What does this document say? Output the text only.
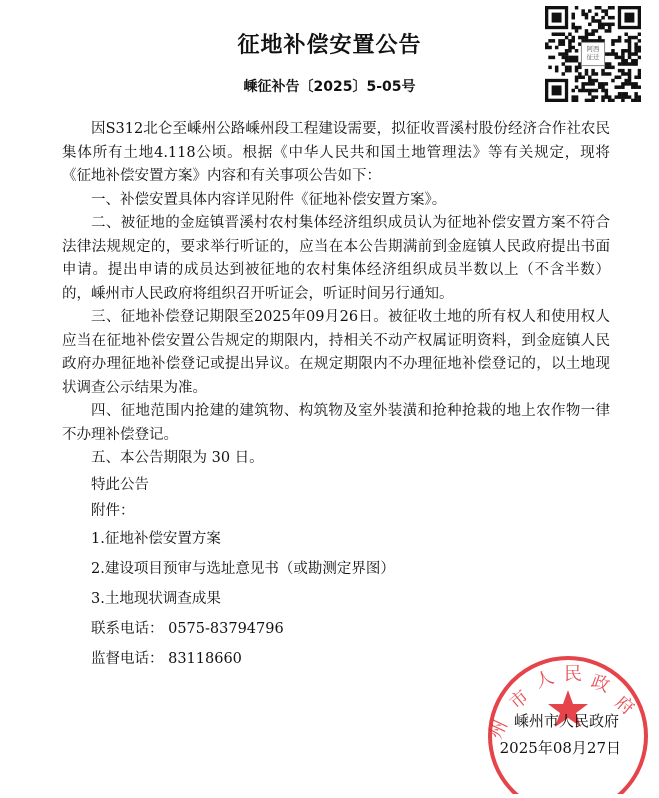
征地补偿安置公告
嵊征补告〔2025〕5-05号
阿西
征迁

因S312北仑至嵊州公路嵊州段工程建设需要，拟征收晋溪村股份经济合作社农民集体所有土地4.118公顷。根据《中华人民共和国土地管理法》等有关规定，现将《征地补偿安置方案》内容和有关事项公告如下：

一、补偿安置具体内容详见附件《征地补偿安置方案》。

二、被征地的金庭镇晋溪村农村集体经济组织成员认为征地补偿安置方案不符合法律法规规定的，要求举行听证的，应当在本公告期满前到金庭镇人民政府提出书面申请。提出申请的成员达到被征地的农村集体经济组织成员半数以上（不含半数）的，嵊州市人民政府将组织召开听证会，听证时间另行通知。

三、征地补偿登记期限至2025年09月26日。被征收土地的所有权人和使用权人应当在征地补偿安置公告规定的期限内，持相关不动产权属证明资料，到金庭镇人民政府办理征地补偿登记或提出异议。在规定期限内不办理征地补偿登记的，以土地现状调查公示结果为准。

四、征地范围内抢建的建筑物、构筑物及室外装潢和抢种抢栽的地上农作物一律不办理补偿登记。

五、本公告期限为 30 日。

特此公告

附件：

1.征地补偿安置方案

2.建设项目预审与选址意见书（或勘测定界图）

3.土地现状调查成果

联系电话： 0575-83794796

监督电话： 83118660

市
人 民 政
府
州 嵊州市人民政府
2025年08月27日
